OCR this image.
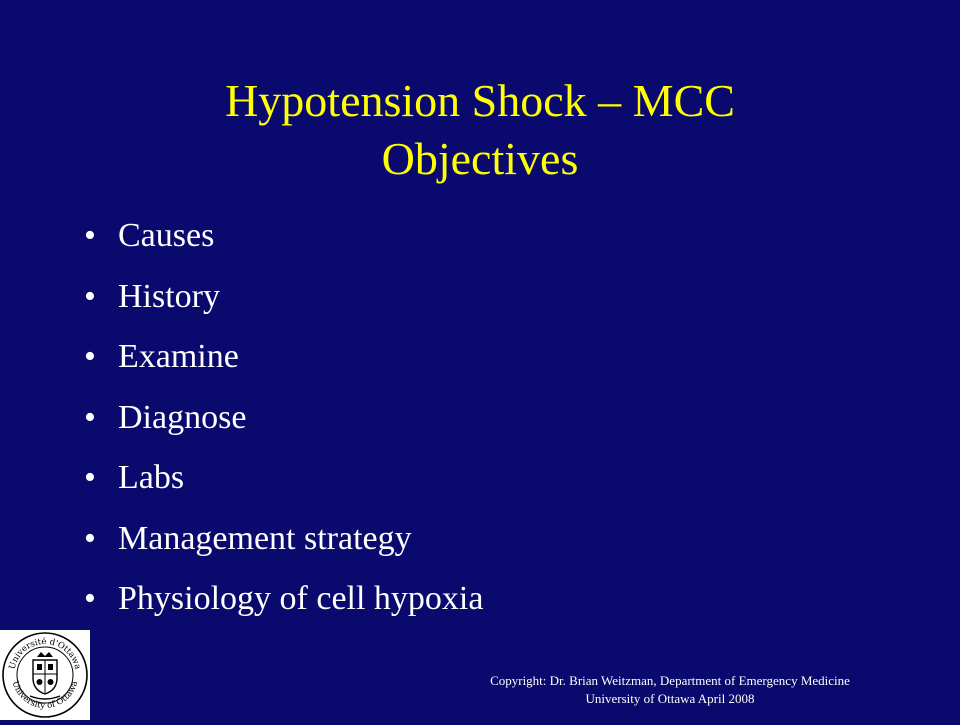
Hypotension Shock – MCC
Objectives
• Causes
• History
• Examine
• Diagnose
• Labs
• Management strategy
• Physiology of cell hypoxia
Université d'Ottawa
University of Ottawa	Copyright: Dr. Brian Weitzman, Department of Emergency Medicine
University of Ottawa April 2008
